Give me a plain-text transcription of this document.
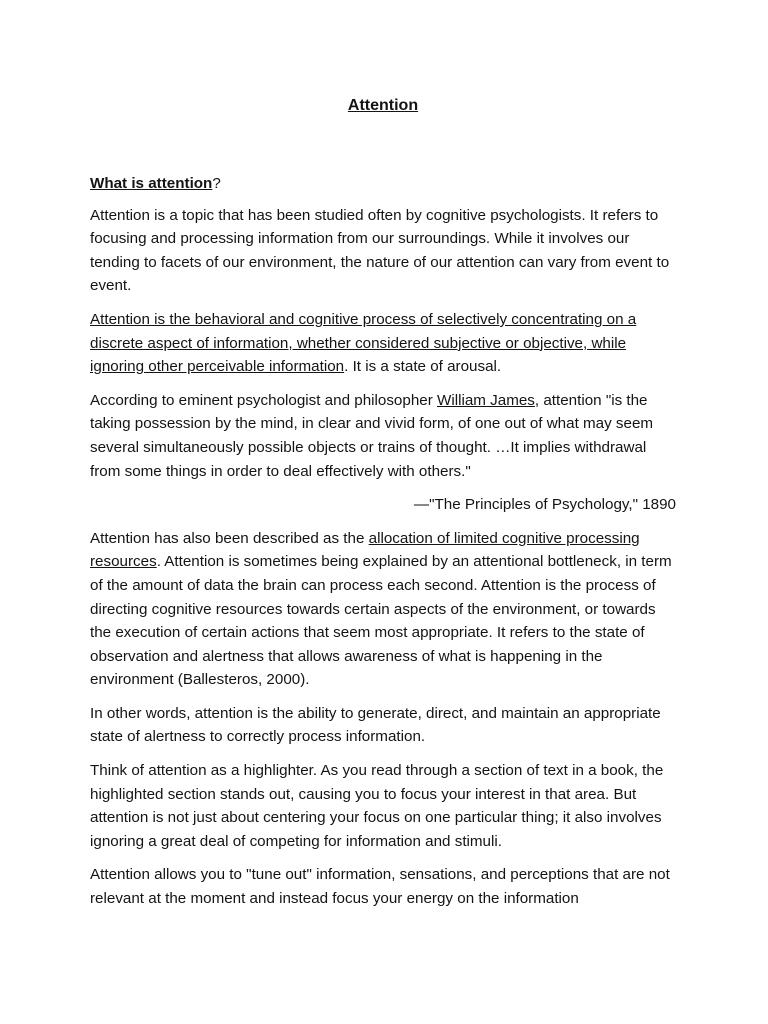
Attention
What is attention?

Attention is a topic that has been studied often by cognitive psychologists. It refers to focusing and processing information from our surroundings. While it involves our tending to facets of our environment, the nature of our attention can vary from event to event.

Attention is the behavioral and cognitive process of selectively concentrating on a discrete aspect of information, whether considered subjective or objective, while ignoring other perceivable information. It is a state of arousal.

According to eminent psychologist and philosopher William James, attention "is the taking possession by the mind, in clear and vivid form, of one out of what may seem several simultaneously possible objects or trains of thought. …It implies withdrawal from some things in order to deal effectively with others."

—"The Principles of Psychology," 1890

Attention has also been described as the allocation of limited cognitive processing resources. Attention is sometimes being explained by an attentional bottleneck, in term of the amount of data the brain can process each second. Attention is the process of directing cognitive resources towards certain aspects of the environment, or towards the execution of certain actions that seem most appropriate. It refers to the state of observation and alertness that allows awareness of what is happening in the environment (Ballesteros, 2000).

In other words, attention is the ability to generate, direct, and maintain an appropriate state of alertness to correctly process information.

Think of attention as a highlighter. As you read through a section of text in a book, the highlighted section stands out, causing you to focus your interest in that area. But attention is not just about centering your focus on one particular thing; it also involves ignoring a great deal of competing for information and stimuli.

Attention allows you to "tune out" information, sensations, and perceptions that are not relevant at the moment and instead focus your energy on the information
